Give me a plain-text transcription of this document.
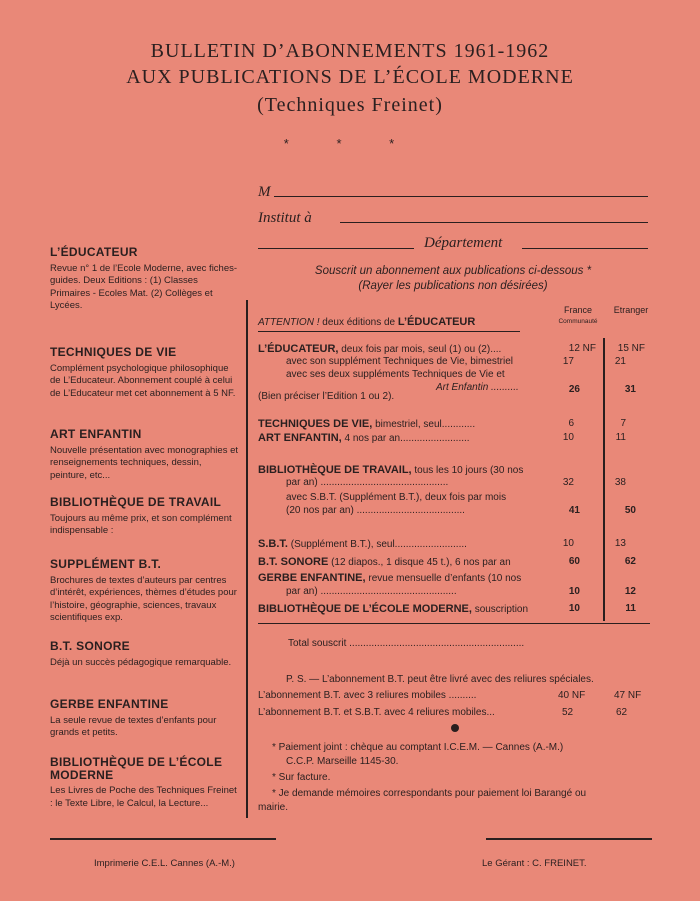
BULLETIN D’ABONNEMENTS 1961-1962
AUX PUBLICATIONS DE L’ÉCOLE MODERNE
(Techniques Freinet)
* * *
M
Institut à
Département
Souscrit un abonnement aux publications ci-dessous *
(Rayer les publications non désirées)
L’ÉDUCATEUR
Revue n° 1 de l’Ecole Moderne, avec fiches-guides. Deux Editions : (1) Classes Primaires - Ecoles Mat. (2) Collèges et Lycées.
TECHNIQUES DE VIE
Complément psychologique philosophique de L’Educateur. Abonnement couplé à celui de L’Educateur met cet abonnement à 5 NF.
ART ENFANTIN
Nouvelle présentation avec monographies et renseignements techniques, dessin, peinture, etc...
BIBLIOTHÈQUE DE TRAVAIL
Toujours au même prix, et son complément indispensable :
SUPPLÉMENT B.T.
Brochures de textes d’auteurs par centres d’intérêt, expériences, thèmes d’études pour l’histoire, géographie, sciences, travaux scientifiques exp.
B.T. SONORE
Déjà un succès pédagogique remarquable.
GERBE ENFANTINE
La seule revue de textes d’enfants pour grands et petits.
BIBLIOTHÈQUE DE L’ÉCOLE MODERNE
Les Livres de Poche des Techniques Freinet : le Texte Libre, le Calcul, la Lecture...
France
Communauté
Etranger
ATTENTION ! deux éditions de L’ÉDUCATEUR
L’ÉDUCATEUR, deux fois par mois, seul (1) ou (2)....	12 NF	15 NF
avec son supplément Techniques de Vie, bimestriel	17	21
avec ses deux suppléments Techniques de Vie et
Art Enfantin ..........	26	31
(Bien préciser l’Edition 1 ou 2).
TECHNIQUES DE VIE, bimestriel, seul............	6	7
ART ENFANTIN, 4 nos par an.........................	10	11
BIBLIOTHÈQUE DE TRAVAIL, tous les 10 jours (30 nos
par an) ..............................................	32	38
avec S.B.T. (Supplément B.T.), deux fois par mois
(20 nos par an) .......................................	41	50
S.B.T. (Supplément B.T.), seul..........................	10	13
B.T. SONORE (12 diapos., 1 disque 45 t.), 6 nos par an	60	62
GERBE ENFANTINE, revue mensuelle d’enfants (10 nos
par an) .................................................	10	12
BIBLIOTHÈQUE DE L’ÉCOLE MODERNE, souscription	10	11
Total souscrit ...............................................................
P. S. — L’abonnement B.T. peut être livré avec des reliures spéciales.
L’abonnement B.T. avec 3 reliures mobiles ..........	40 NF	47 NF
L’abonnement B.T. et S.B.T. avec 4 reliures mobiles...	52	62
* Paiement joint : chèque au comptant I.C.E.M. — Cannes (A.-M.)
C.C.P. Marseille 1145-30.
* Sur facture.
* Je demande mémoires correspondants pour paiement loi Barangé ou
mairie.
Imprimerie C.E.L. Cannes (A.-M.)	Le Gérant : C. FREINET.
